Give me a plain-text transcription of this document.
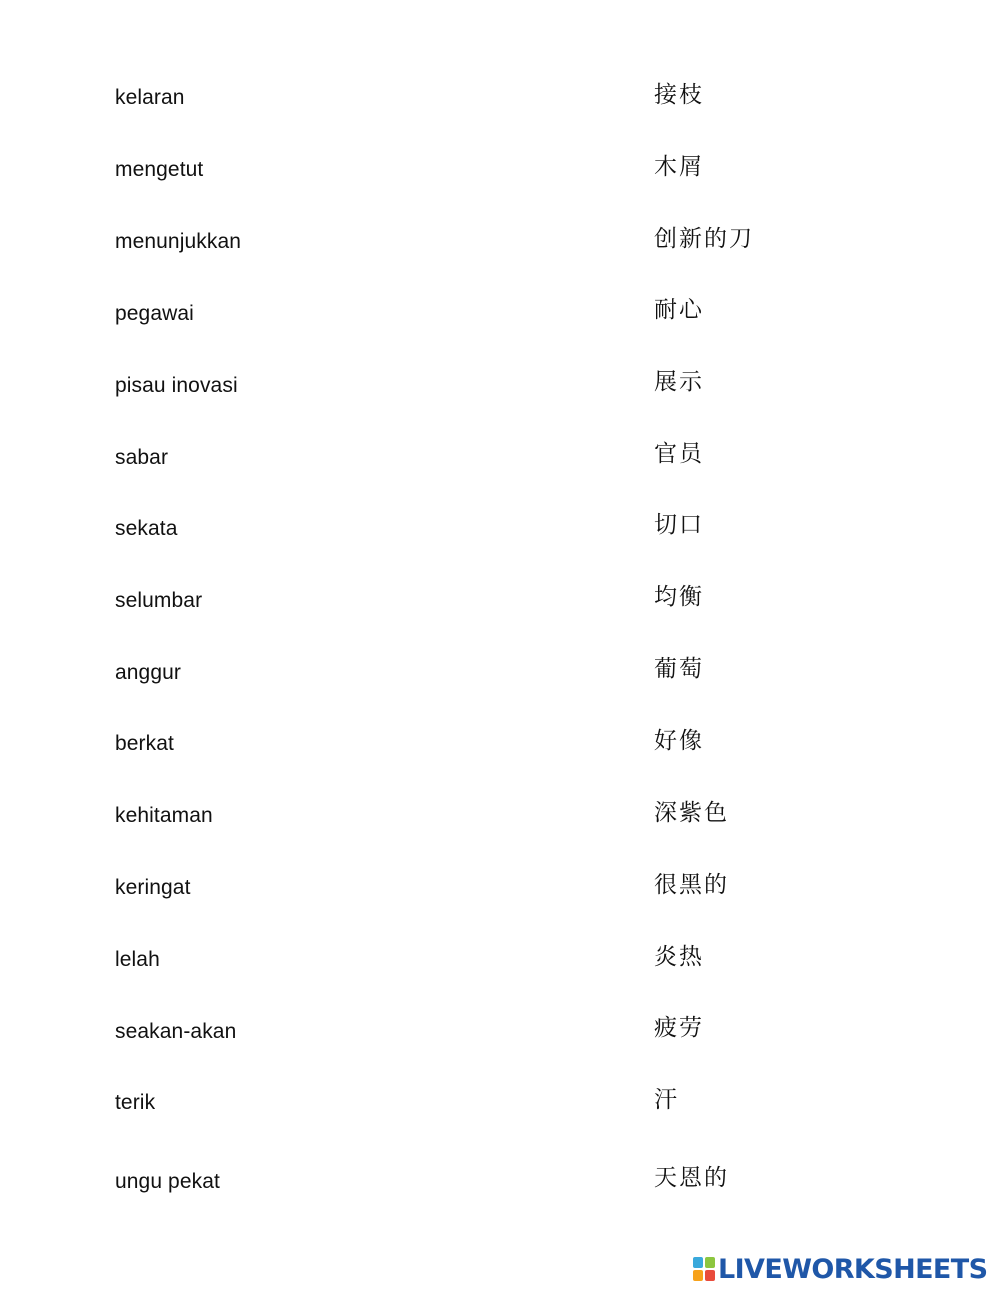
kelaran
mengetut
menunjukkan
pegawai
pisau inovasi
sabar
sekata
selumbar
anggur
berkat
kehitaman
keringat
lelah
seakan-akan
terik
ungu pekat
接枝
木屑
创新的刀
耐心
展示
官员
切口
均衡
葡萄
好像
深紫色
很黑的
炎热
疲劳
汗
天恩的
LIVEWORKSHEETS
